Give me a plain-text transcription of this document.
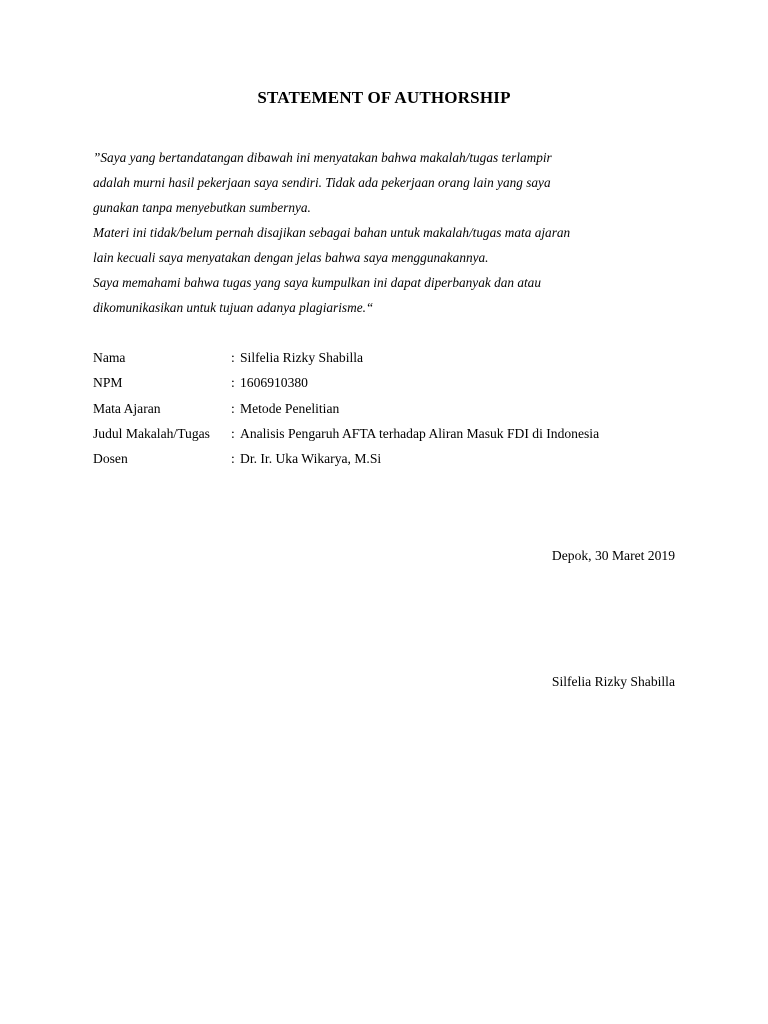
STATEMENT OF AUTHORSHIP
”Saya yang bertandatangan dibawah ini menyatakan bahwa makalah/tugas terlampir
adalah murni hasil pekerjaan saya sendiri. Tidak ada pekerjaan orang lain yang saya
gunakan tanpa menyebutkan sumbernya.
Materi ini tidak/belum pernah disajikan sebagai bahan untuk makalah/tugas mata ajaran
lain kecuali saya menyatakan dengan jelas bahwa saya menggunakannya.
Saya memahami bahwa tugas yang saya kumpulkan ini dapat diperbanyak dan atau
dikomunikasikan untuk tujuan adanya plagiarisme.“
Nama	: Silfelia Rizky Shabilla
NPM	: 1606910380
Mata Ajaran	: Metode Penelitian
Judul Makalah/Tugas	: Analisis Pengaruh AFTA terhadap Aliran Masuk FDI di Indonesia
Dosen	: Dr. Ir. Uka Wikarya, M.Si
Depok, 30 Maret 2019
Silfelia Rizky Shabilla
